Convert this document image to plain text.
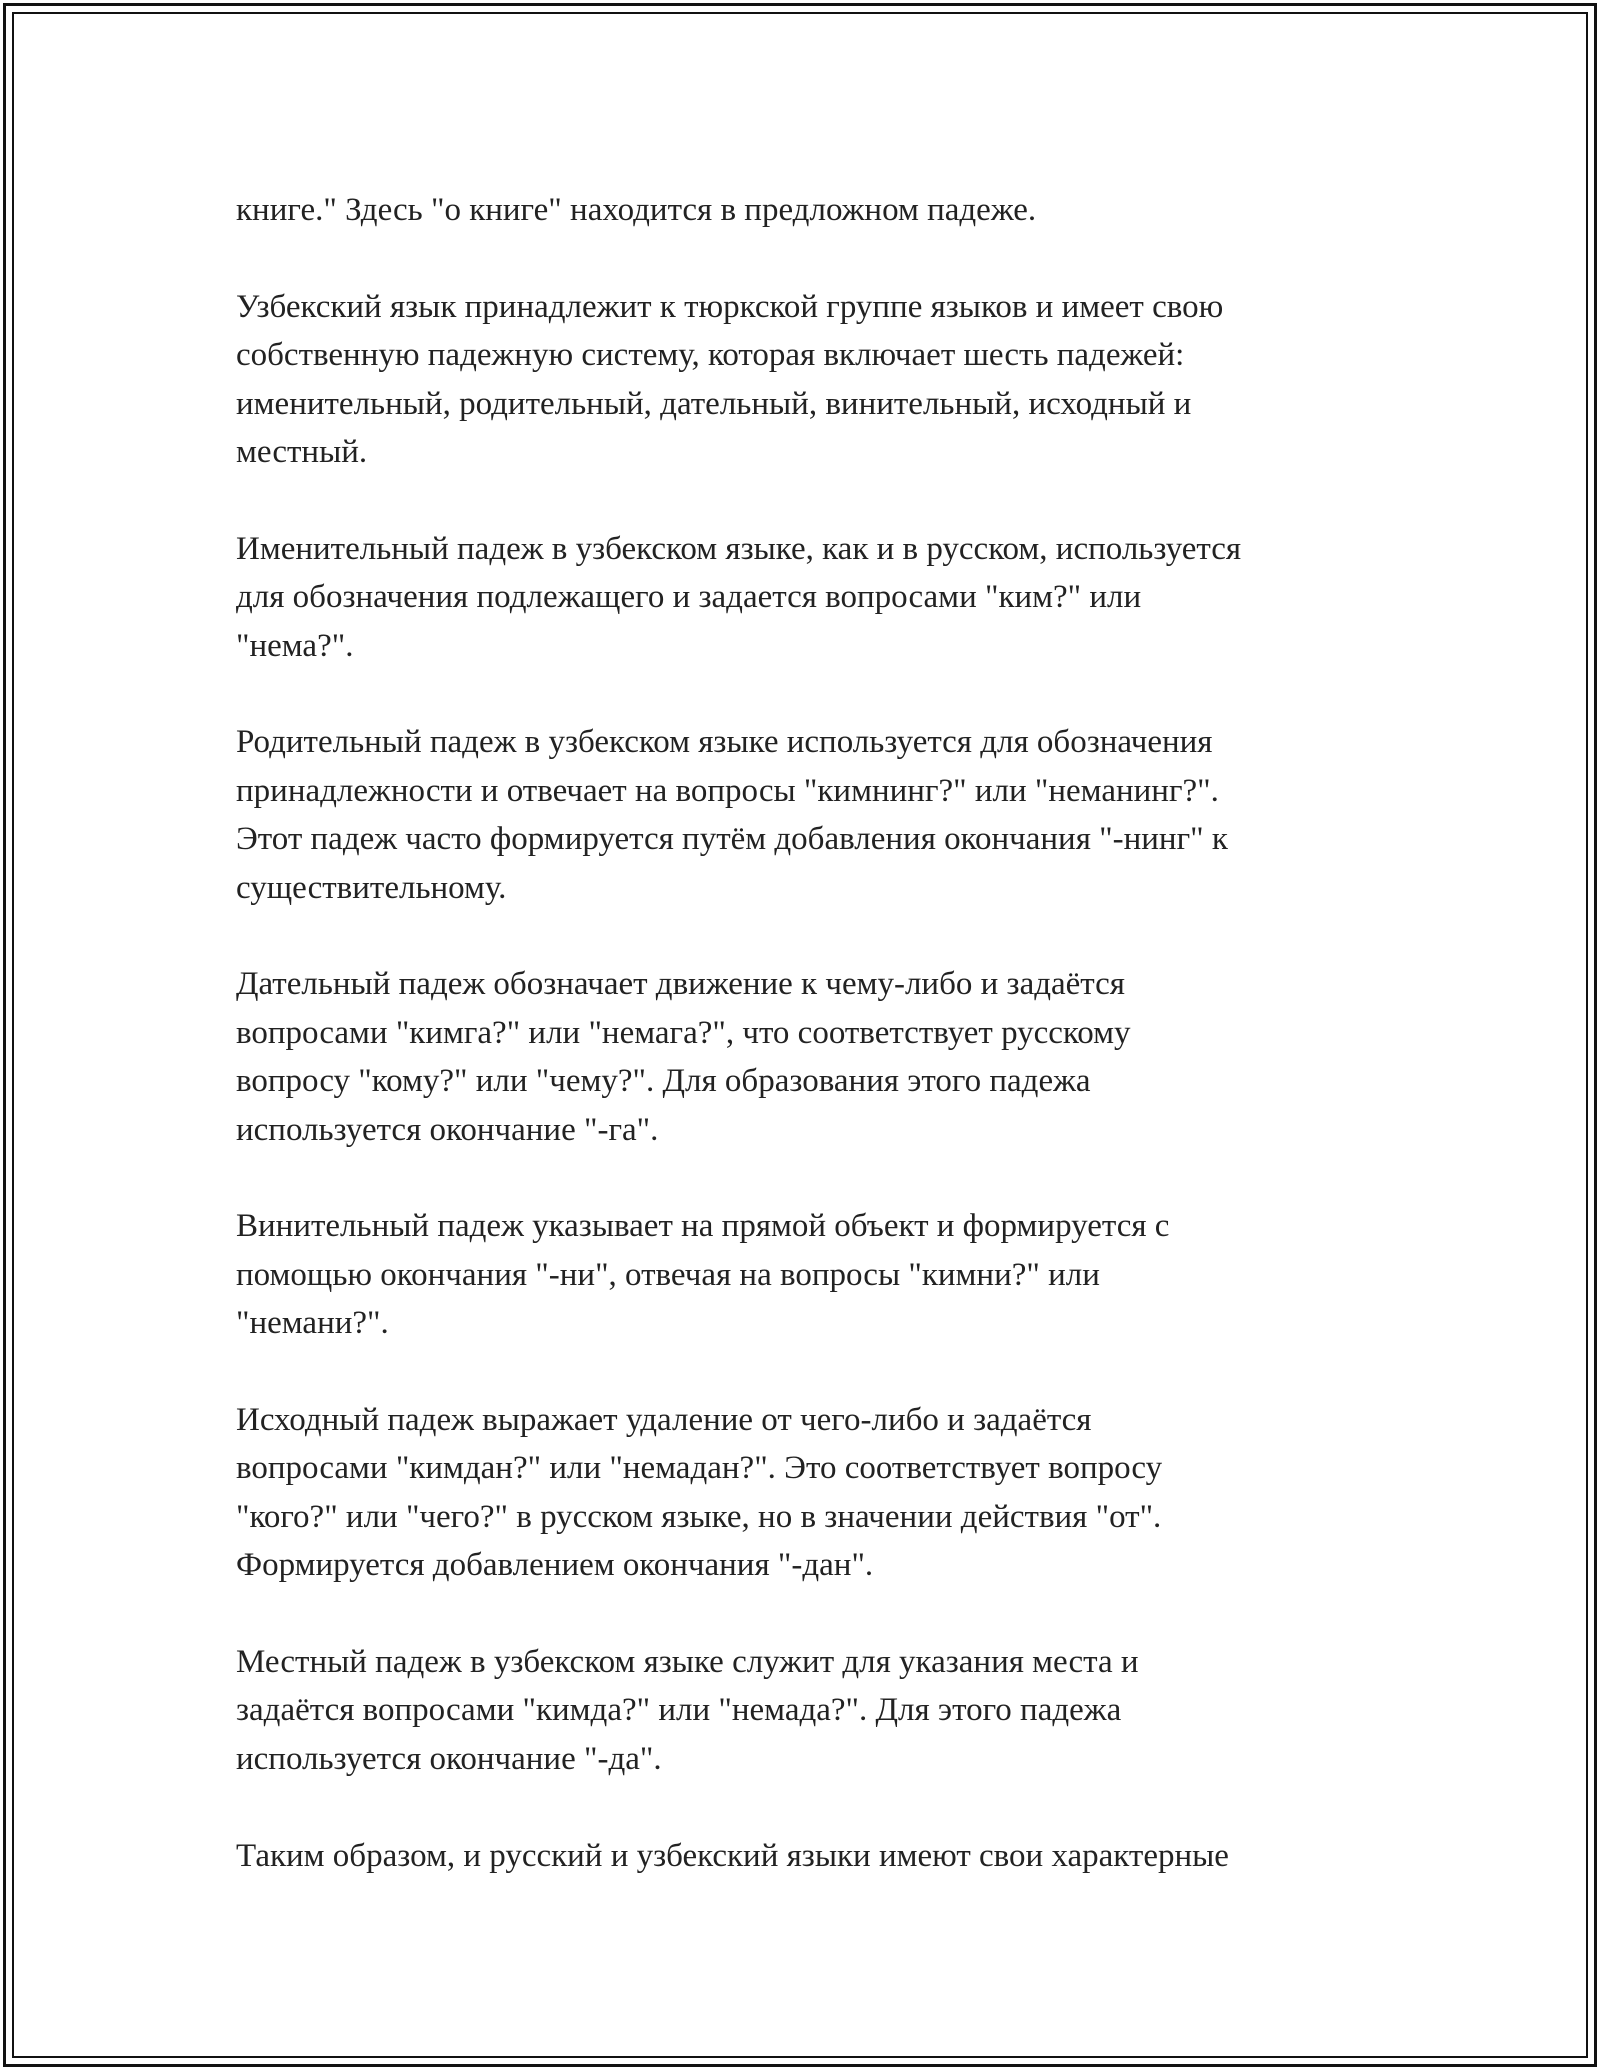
книге." Здесь "о книге" находится в предложном падеже.

Узбекский язык принадлежит к тюркской группе языков и имеет свою
собственную падежную систему, которая включает шесть падежей:
именительный, родительный, дательный, винительный, исходный и
местный.

Именительный падеж в узбекском языке, как и в русском, используется
для обозначения подлежащего и задается вопросами "ким?" или
"нема?".

Родительный падеж в узбекском языке используется для обозначения
принадлежности и отвечает на вопросы "кимнинг?" или "неманинг?".
Этот падеж часто формируется путём добавления окончания "-нинг" к
существительному.

Дательный падеж обозначает движение к чему-либо и задаётся
вопросами "кимга?" или "немага?", что соответствует русскому
вопросу "кому?" или "чему?". Для образования этого падежа
используется окончание "-га".

Винительный падеж указывает на прямой объект и формируется с
помощью окончания "-ни", отвечая на вопросы "кимни?" или
"немани?".

Исходный падеж выражает удаление от чего-либо и задаётся
вопросами "кимдан?" или "немадан?". Это соответствует вопросу
"кого?" или "чего?" в русском языке, но в значении действия "от".
Формируется добавлением окончания "-дан".

Местный падеж в узбекском языке служит для указания места и
задаётся вопросами "кимда?" или "немада?". Для этого падежа
используется окончание "-да".

Таким образом, и русский и узбекский языки имеют свои характерные
